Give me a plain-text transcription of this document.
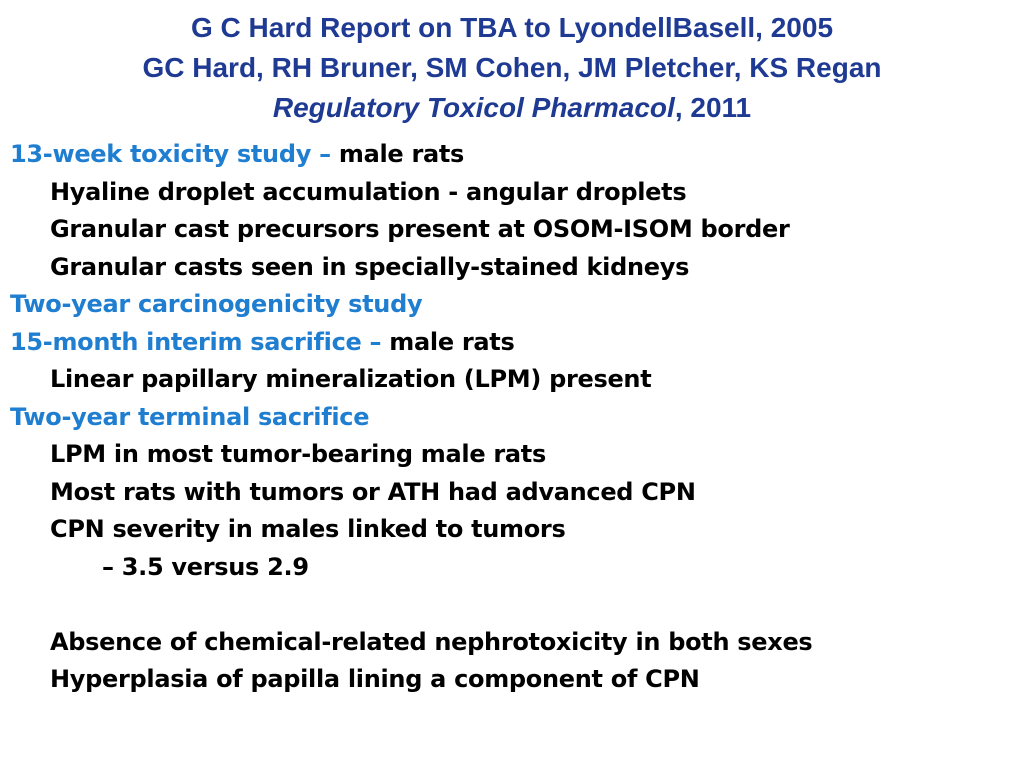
G C Hard Report on TBA to LyondellBasell, 2005
GC Hard, RH Bruner, SM Cohen, JM Pletcher, KS Regan
Regulatory Toxicol Pharmacol, 2011
13-week toxicity study – male rats
Hyaline droplet accumulation - angular droplets
Granular cast precursors present at OSOM-ISOM border
Granular casts seen in specially-stained kidneys
Two-year carcinogenicity study
15-month interim sacrifice – male rats
Linear papillary mineralization (LPM) present
Two-year terminal sacrifice
LPM in most tumor-bearing male rats
Most rats with tumors or ATH had advanced CPN
CPN severity in males linked to tumors
– 3.5 versus 2.9
Absence of chemical-related nephrotoxicity in both sexes
Hyperplasia of papilla lining a component of CPN
